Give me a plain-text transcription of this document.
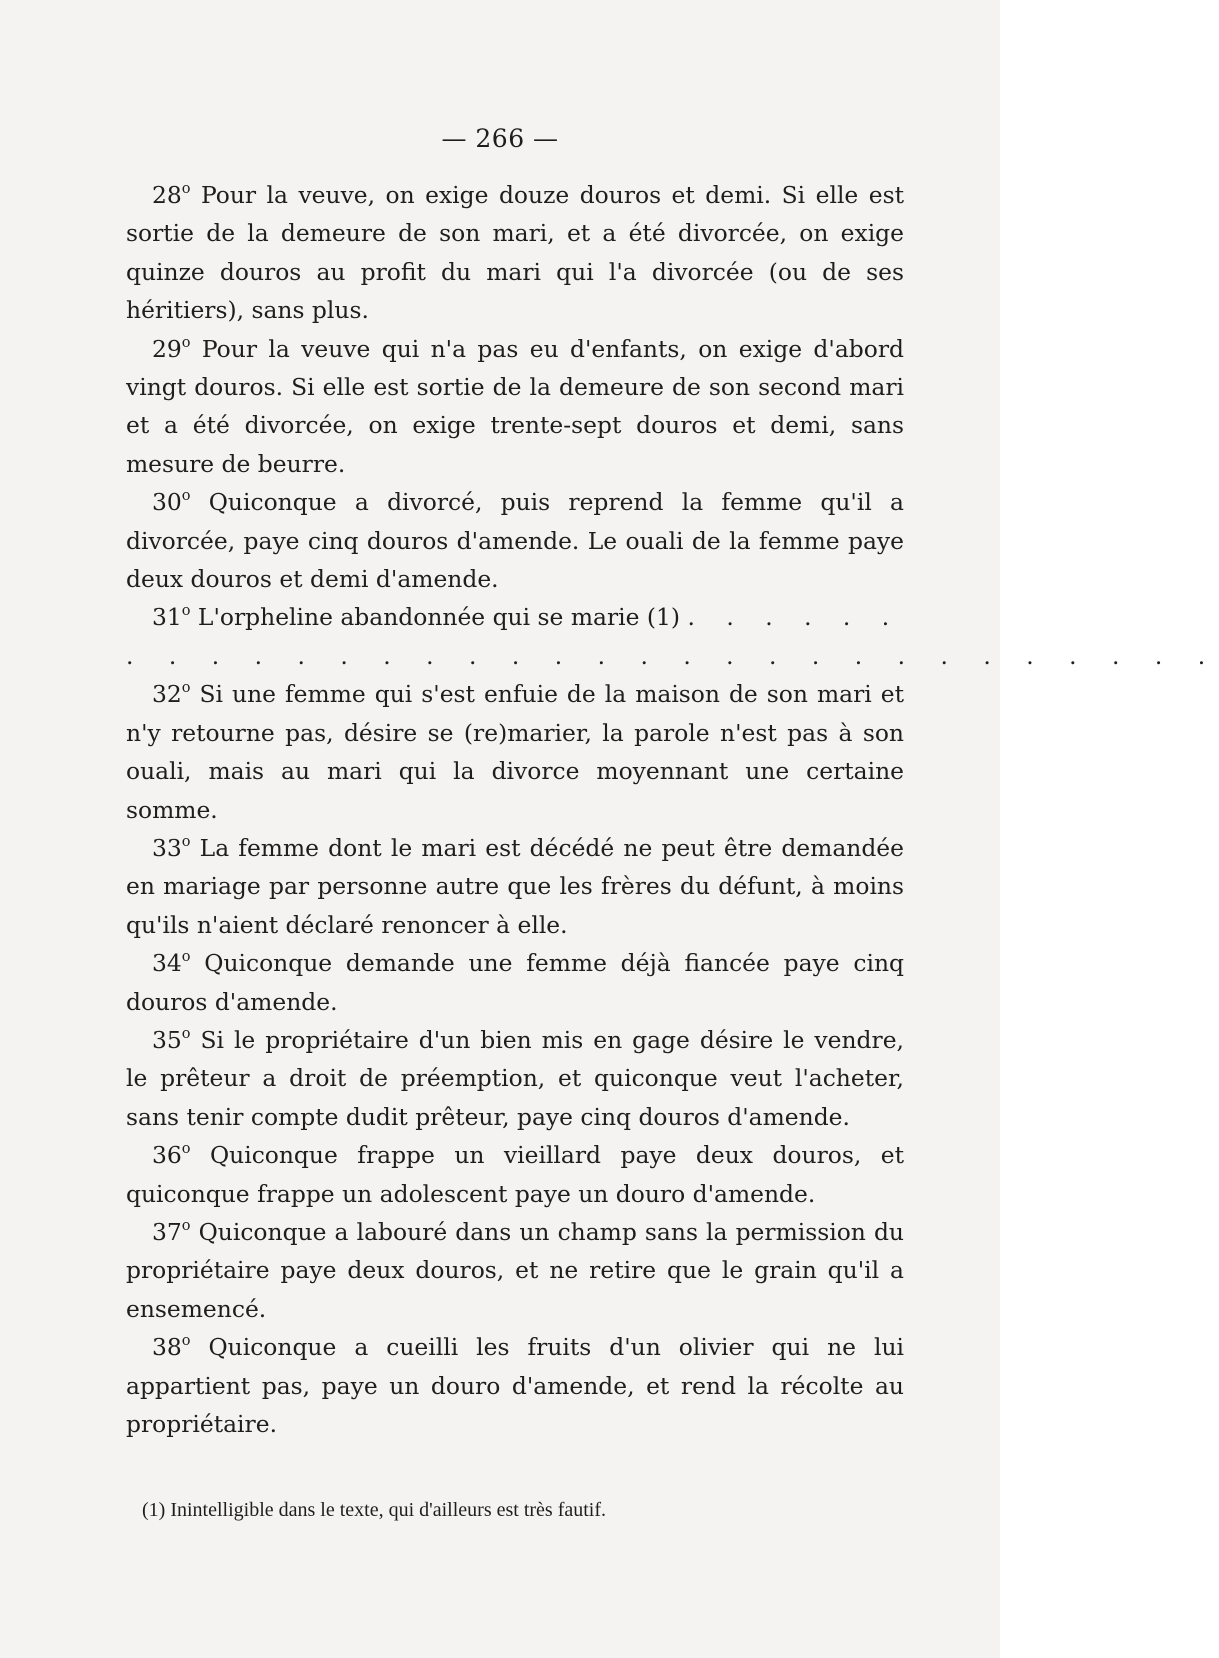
— 266 —

28$^o$ Pour la veuve, on exige douze douros et demi. Si elle est sortie de la demeure de son mari, et a été divorcée, on exige quinze douros au profit du mari qui l'a divorcée (ou de ses héritiers), sans plus.

29$^o$ Pour la veuve qui n'a pas eu d'enfants, on exige d'abord vingt douros. Si elle est sortie de la demeure de son second mari et a été divorcée, on exige trente-sept douros et demi, sans mesure de beurre.

30$^o$ Quiconque a divorcé, puis reprend la femme qu'il a divorcée, paye cinq douros d'amende. Le ouali de la femme paye deux douros et demi d'amende.

31$^o$ L'orpheline abandonnée qui se marie (1) . . . . . .

. . . . . . . . . . . . . . . . . . . . . . . . . .

32$^o$ Si une femme qui s'est enfuie de la maison de son mari et n'y retourne pas, désire se (re)marier, la parole n'est pas à son ouali, mais au mari qui la divorce moyennant une certaine somme.

33$^o$ La femme dont le mari est décédé ne peut être demandée en mariage par personne autre que les frères du défunt, à moins qu'ils n'aient déclaré renoncer à elle.

34$^o$ Quiconque demande une femme déjà fiancée paye cinq douros d'amende.

35$^o$ Si le propriétaire d'un bien mis en gage désire le vendre, le prêteur a droit de préemption, et quiconque veut l'acheter, sans tenir compte dudit prêteur, paye cinq douros d'amende.

36$^o$ Quiconque frappe un vieillard paye deux douros, et quiconque frappe un adolescent paye un douro d'amende.

37$^o$ Quiconque a labouré dans un champ sans la permission du propriétaire paye deux douros, et ne retire que le grain qu'il a ensemencé.

38$^o$ Quiconque a cueilli les fruits d'un olivier qui ne lui appartient pas, paye un douro d'amende, et rend la récolte au propriétaire.

(1) Inintelligible dans le texte, qui d'ailleurs est très fautif.
